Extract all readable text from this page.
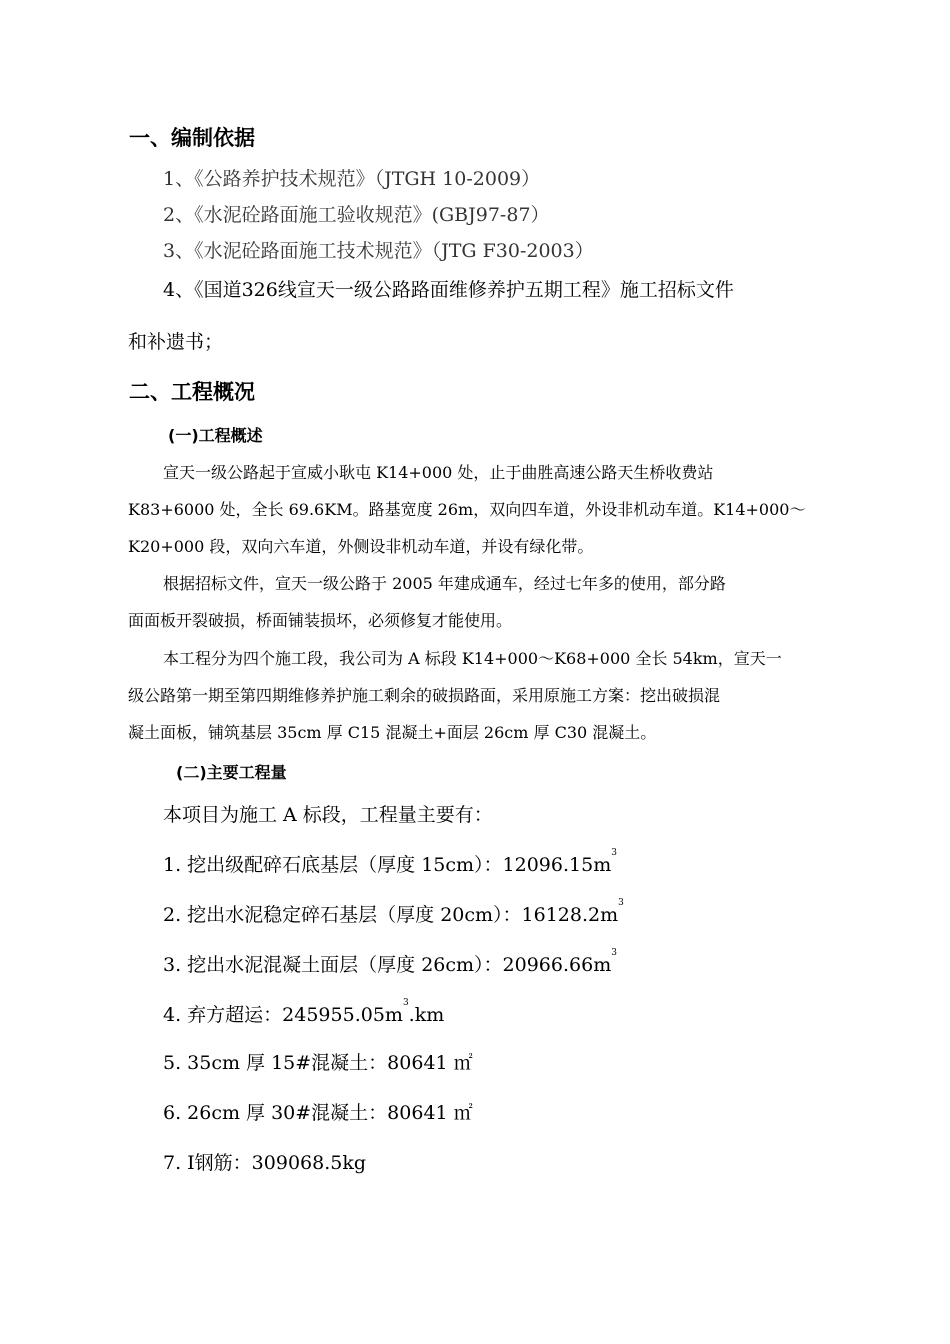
一、编制依据
1、《公路养护技术规范》（JTGH 10-2009）
2、《水泥砼路面施工验收规范》(GBJ97-87）
3、《水泥砼路面施工技术规范》（JTG F30-2003）
4、《国道326线宣天一级公路路面维修养护五期工程》施工招标文件
和补遗书；
二、工程概况
(一)工程概述
宣天一级公路起于宣威小耿屯 K14+000 处，止于曲胜高速公路天生桥收费站
K83+6000 处，全长 69.6KM。路基宽度 26m，双向四车道，外设非机动车道。K14+000～
K20+000 段，双向六车道，外侧设非机动车道，并设有绿化带。
根据招标文件，宣天一级公路于 2005 年建成通车，经过七年多的使用，部分路
面面板开裂破损，桥面铺装损坏，必须修复才能使用。
本工程分为四个施工段，我公司为 A 标段 K14+000～K68+000 全长 54km，宣天一
级公路第一期至第四期维修养护施工剩余的破损路面，采用原施工方案：挖出破损混
凝土面板，铺筑基层 35cm 厚 C15 混凝土+面层 26cm 厚 C30 混凝土。
(二)主要工程量
本项目为施工 A 标段，工程量主要有：
1. 挖出级配碎石底基层（厚度 15cm）：$12096.15m^3$
2. 挖出水泥稳定碎石基层（厚度 20cm）：$16128.2m^3$
3. 挖出水泥混凝土面层（厚度 26cm）：$20966.66m^3$
4. 弃方超运：$245955.05m^3.km$
5. 35cm 厚 15#混凝土：80641 ㎡
6. 26cm 厚 30#混凝土：80641 ㎡
7. Ⅰ钢筋：309068.5kg
